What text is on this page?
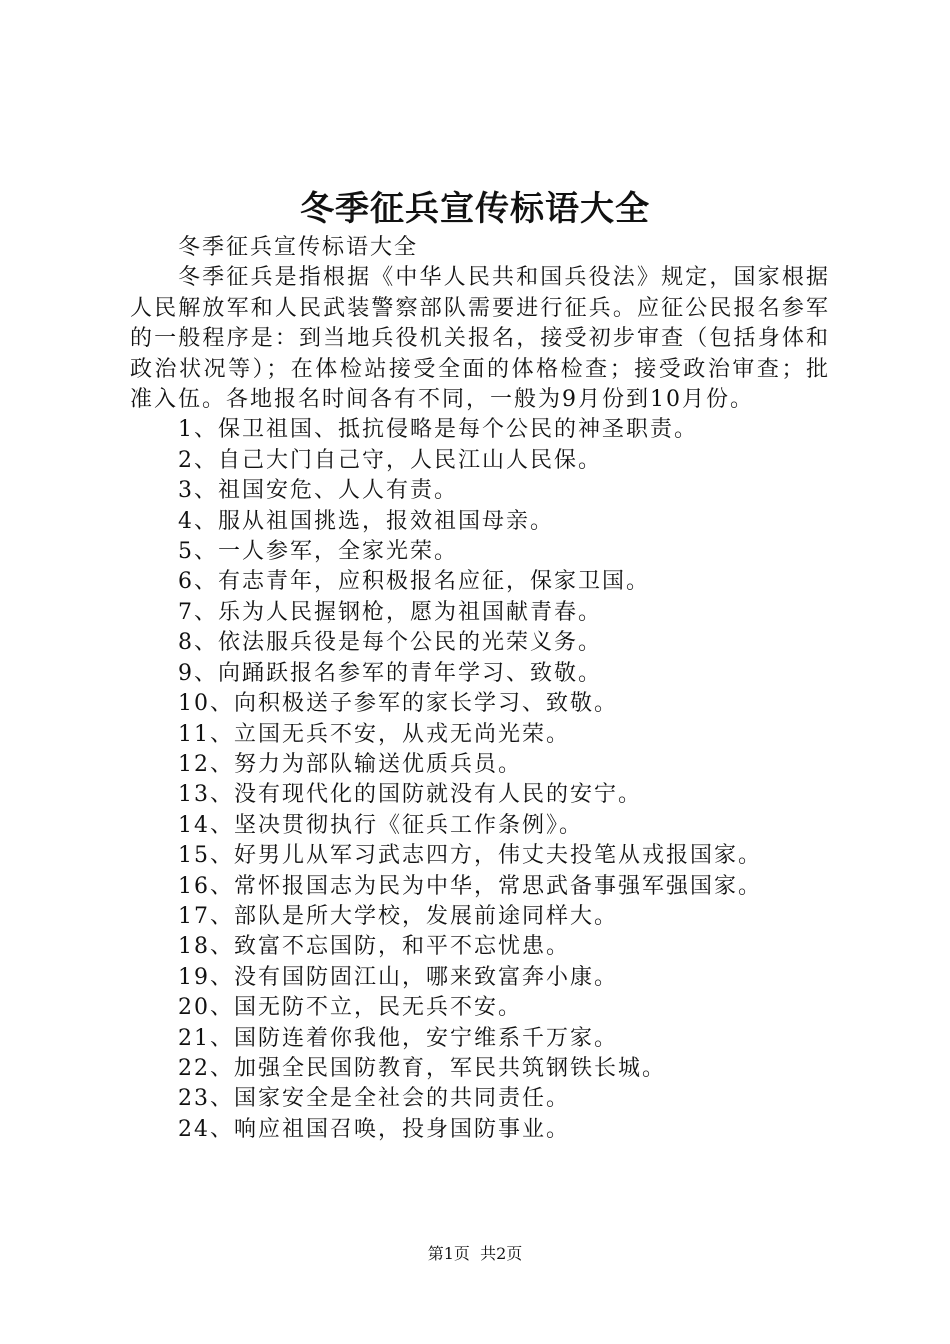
冬季征兵宣传标语大全

冬季征兵宣传标语大全

冬季征兵是指根据《中华人民共和国兵役法》规定，国家根据人民解放军和人民武装警察部队需要进行征兵。应征公民报名参军的一般程序是：到当地兵役机关报名，接受初步审查（包括身体和政治状况等）；在体检站接受全面的体格检查；接受政治审查；批准入伍。各地报名时间各有不同，一般为9月份到10月份。

1、保卫祖国、抵抗侵略是每个公民的神圣职责。
2、自己大门自己守，人民江山人民保。
3、祖国安危、人人有责。
4、服从祖国挑选，报效祖国母亲。
5、一人参军，全家光荣。
6、有志青年，应积极报名应征，保家卫国。
7、乐为人民握钢枪，愿为祖国献青春。
8、依法服兵役是每个公民的光荣义务。
9、向踊跃报名参军的青年学习、致敬。
10、向积极送子参军的家长学习、致敬。
11、立国无兵不安，从戎无尚光荣。
12、努力为部队输送优质兵员。
13、没有现代化的国防就没有人民的安宁。
14、坚决贯彻执行《征兵工作条例》。
15、好男儿从军习武志四方，伟丈夫投笔从戎报国家。
16、常怀报国志为民为中华，常思武备事强军强国家。
17、部队是所大学校，发展前途同样大。
18、致富不忘国防，和平不忘忧患。
19、没有国防固江山，哪来致富奔小康。
20、国无防不立，民无兵不安。
21、国防连着你我他，安宁维系千万家。
22、加强全民国防教育，军民共筑钢铁长城。
23、国家安全是全社会的共同责任。
24、响应祖国召唤，投身国防事业。
第1页  共2页
